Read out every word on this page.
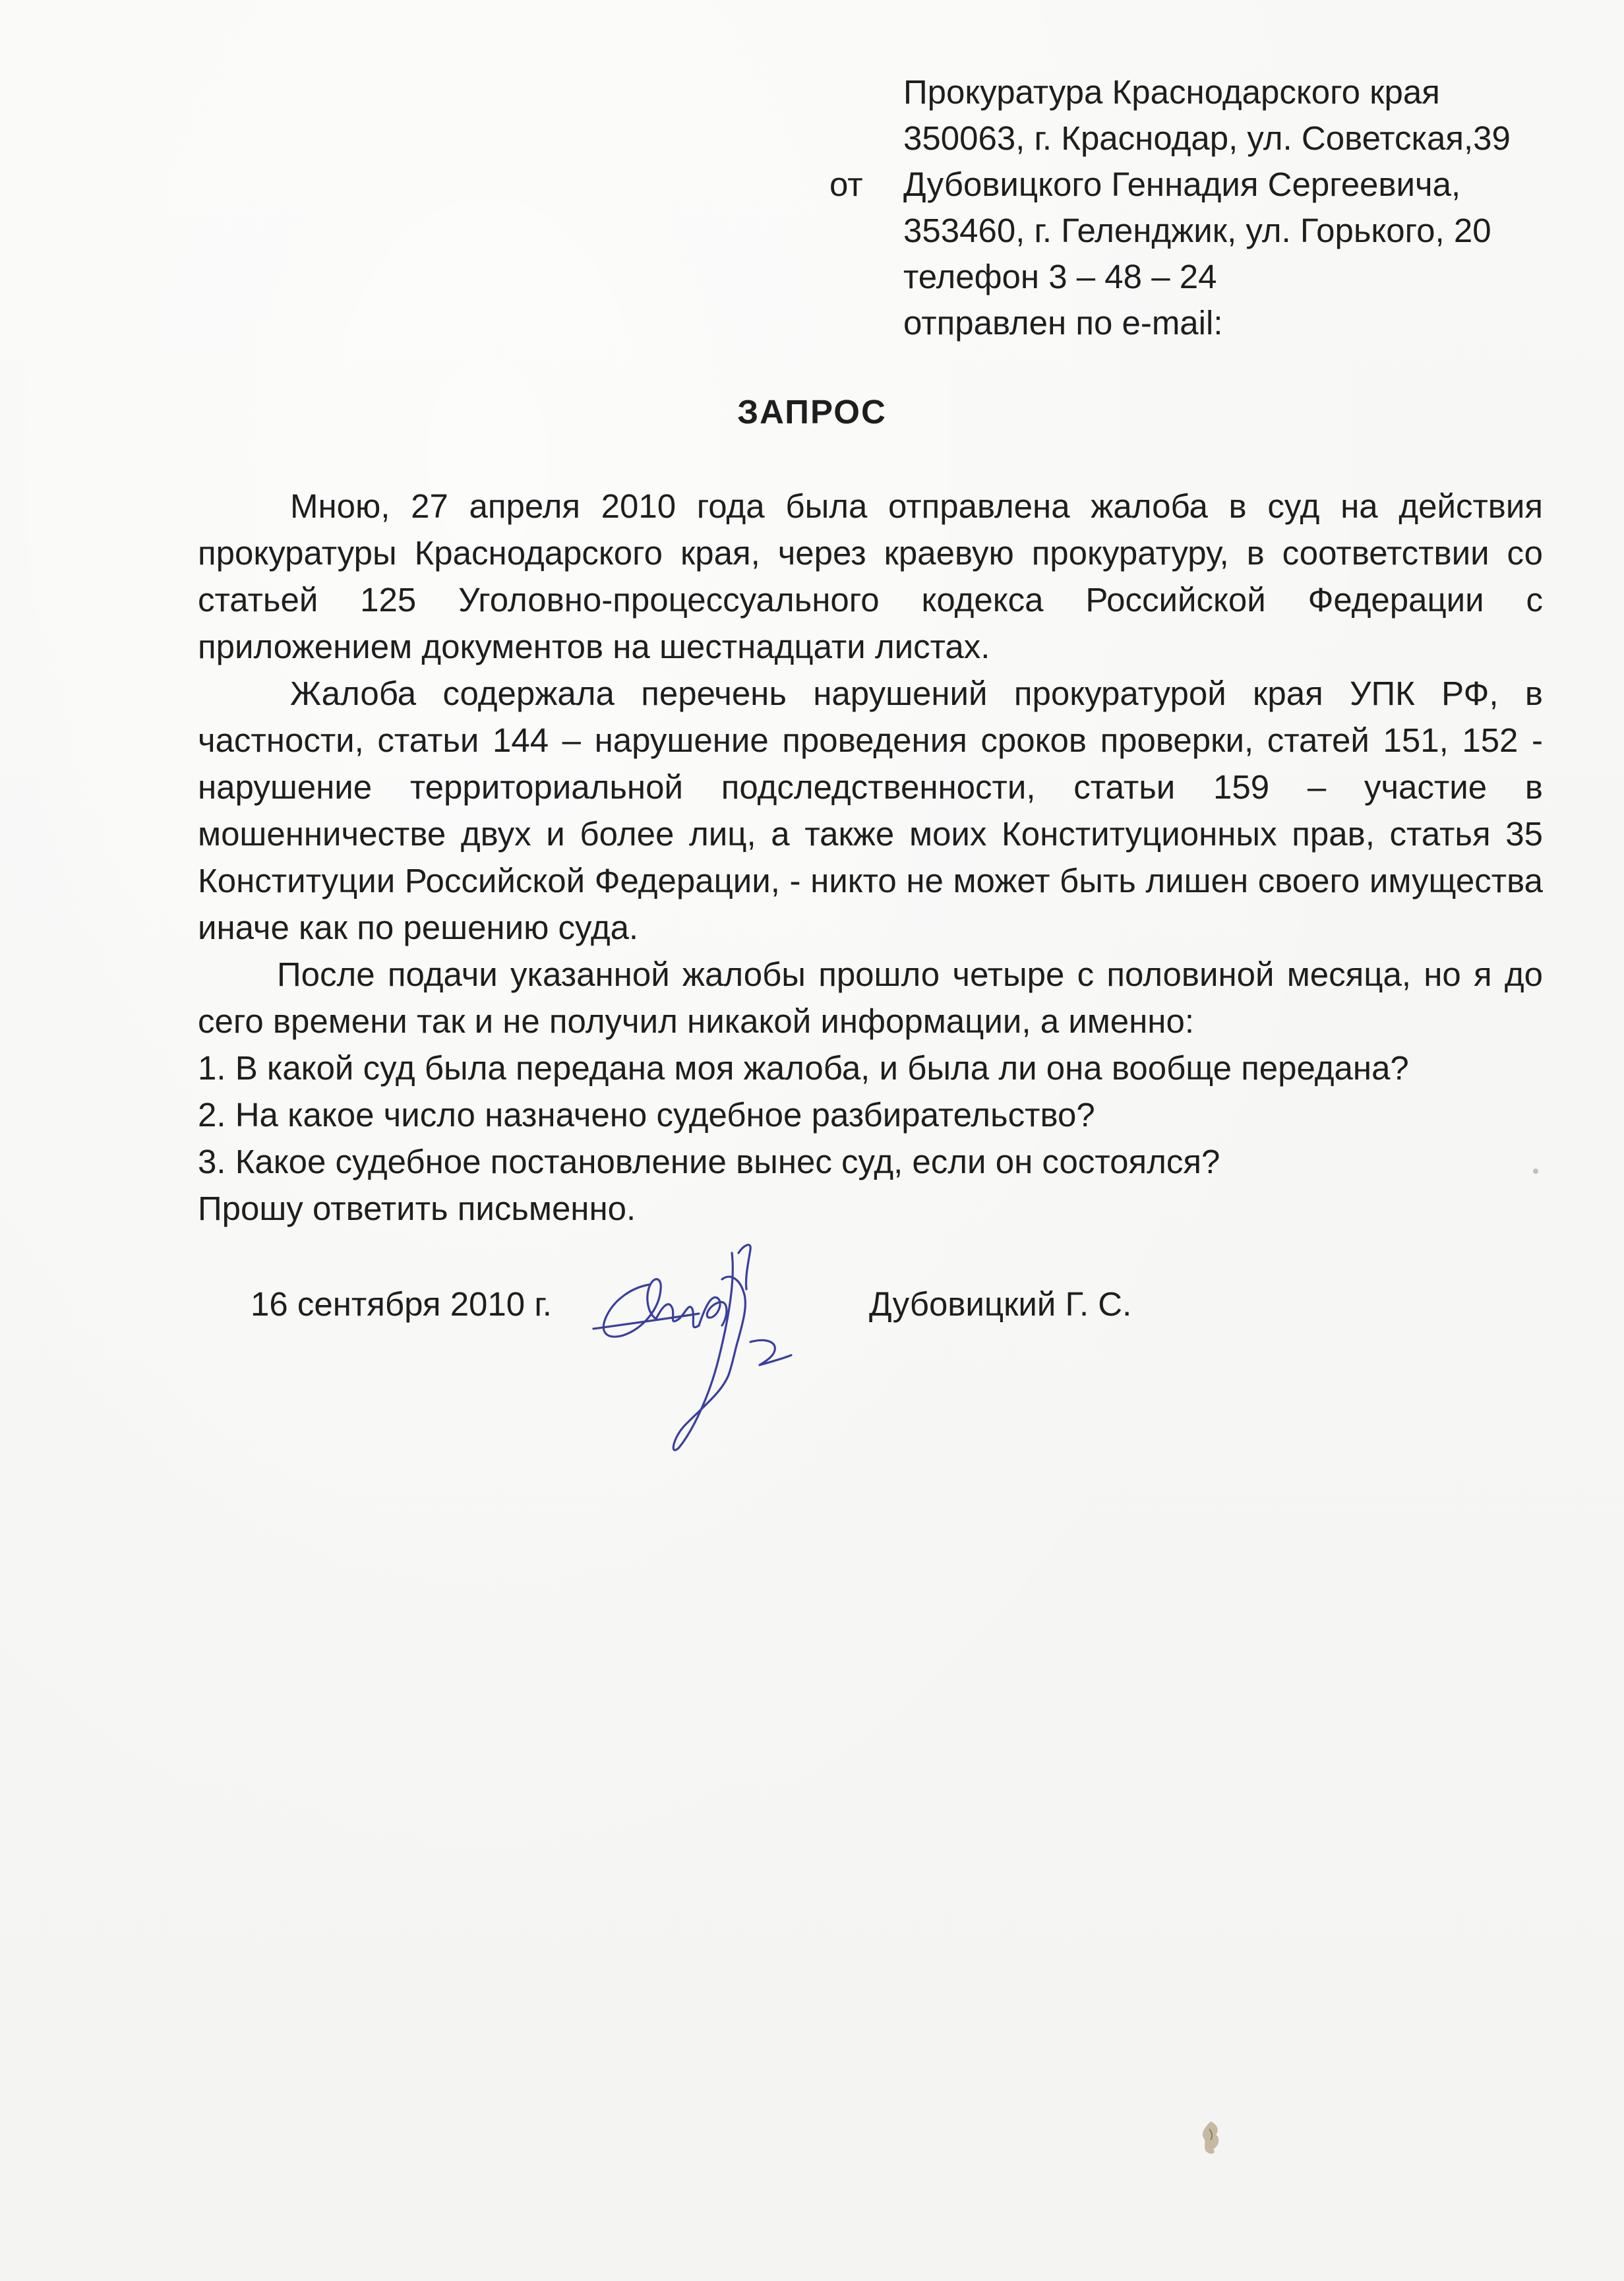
Прокуратура Краснодарского края
350063, г. Краснодар, ул. Советская,39
Дубовицкого Геннадия Сергеевича,
353460, г. Геленджик, ул. Горького, 20
телефон 3 – 48 – 24
отправлен по e-mail:
от
ЗАПРОС

Мною, 27 апреля 2010 года была отправлена жалоба в суд на действия прокуратуры Краснодарского края, через краевую прокуратуру, в соответствии со статьей 125 Уголовно-процессуального кодекса Российской Федерации с приложением документов на шестнадцати листах.

Жалоба содержала перечень нарушений прокуратурой края УПК РФ, в частности, статьи 144 – нарушение проведения сроков проверки, статей 151, 152 - нарушение территориальной подследственности, статьи 159 – участие в мошенничестве двух и более лиц, а также моих Конституционных прав, статья 35 Конституции Российской Федерации, - никто не может быть лишен своего имущества иначе как по решению суда.

После подачи указанной жалобы прошло четыре с половиной месяца, но я до сего времени так и не получил никакой информации, а именно:

1. В какой суд была передана моя жалоба, и была ли она вообще передана?

2. На какое число назначено судебное разбирательство?

3. Какое судебное постановление вынес суд, если он состоялся?

Прошу ответить письменно.

16 сентября 2010 г.	Дубовицкий Г. С.
